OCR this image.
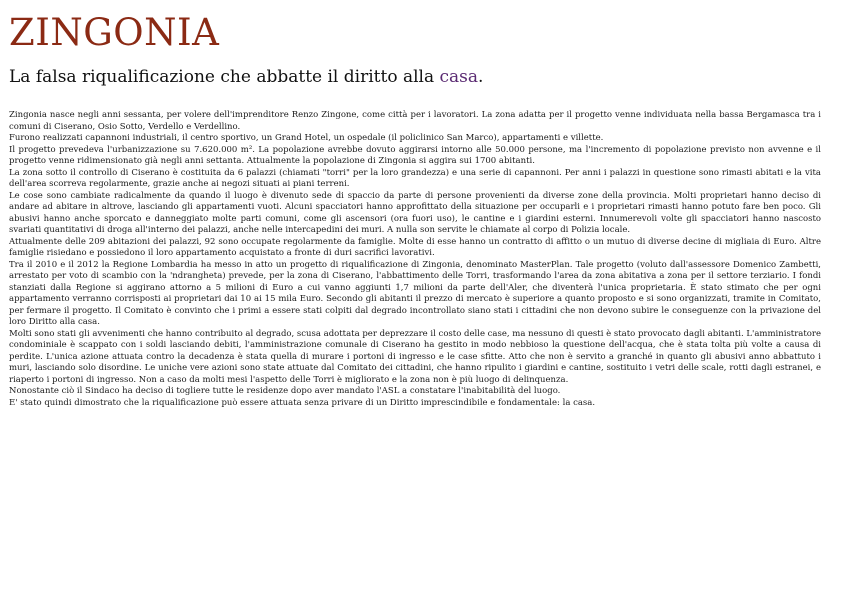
ZINGONIA
La falsa riqualificazione che abbatte il diritto alla casa.

Zingonia nasce negli anni sessanta, per volere dell'imprenditore Renzo Zingone, come città per i lavoratori. La zona adatta per il progetto venne individuata nella bassa Bergamasca tra i comuni di Ciserano, Osio Sotto, Verdello e Verdellino.

Furono realizzati capannoni industriali, il centro sportivo, un Grand Hotel, un ospedale (il policlinico San Marco), appartamenti e villette.

Il progetto prevedeva l'urbanizzazione su 7.620.000 m². La popolazione avrebbe dovuto aggirarsi intorno alle 50.000 persone, ma l'incremento di popolazione previsto non avvenne e il progetto venne ridimensionato già negli anni settanta. Attualmente la popolazione di Zingonia si aggira sui 1700 abitanti.

La zona sotto il controllo di Ciserano è costituita da 6 palazzi (chiamati "torri" per la loro grandezza) e una serie di capannoni. Per anni i palazzi in questione sono rimasti abitati e la vita dell'area scorreva regolarmente, grazie anche ai negozi situati ai piani terreni.

Le cose sono cambiate radicalmente da quando il luogo è divenuto sede di spaccio da parte di persone provenienti da diverse zone della provincia. Molti proprietari hanno deciso di andare ad abitare in altrove, lasciando gli appartamenti vuoti. Alcuni spacciatori hanno approfittato della situazione per occuparli e i proprietari rimasti hanno potuto fare ben poco. Gli abusivi hanno anche sporcato e danneggiato molte parti comuni, come gli ascensori (ora fuori uso), le cantine e i giardini esterni. Innumerevoli volte gli spacciatori hanno nascosto svariati quantitativi di droga all'interno dei palazzi, anche nelle intercapedini dei muri. A nulla son servite le chiamate al corpo di Polizia locale.

Attualmente delle 209 abitazioni dei palazzi, 92 sono occupate regolarmente da famiglie. Molte di esse hanno un contratto di affitto o un mutuo di diverse decine di migliaia di Euro. Altre famiglie risiedano e possiedono il loro appartamento acquistato a fronte di duri sacrifici lavorativi.

Tra il 2010 e il 2012 la Regione Lombardia ha messo in atto un progetto di riqualificazione di Zingonia, denominato MasterPlan. Tale progetto (voluto dall'assessore Domenico Zambetti, arrestato per voto di scambio con la 'ndrangheta) prevede, per la zona di Ciserano, l'abbattimento delle Torri, trasformando l'area da zona abitativa a zona per il settore terziario. I fondi stanziati dalla Regione si aggirano attorno a 5 milioni di Euro a cui vanno aggiunti 1,7 milioni da parte dell'Aler, che diventerà l'unica proprietaria. È stato stimato che per ogni appartamento verranno corrisposti ai proprietari dai 10 ai 15 mila Euro. Secondo gli abitanti il prezzo di mercato è superiore a quanto proposto e si sono organizzati, tramite in Comitato, per fermare il progetto. Il Comitato è convinto che i primi a essere stati colpiti dal degrado incontrollato siano stati i cittadini che non devono subire le conseguenze con la privazione del loro Diritto alla casa.

Molti sono stati gli avvenimenti che hanno contribuito al degrado, scusa adottata per deprezzare il costo delle case, ma nessuno di questi è stato provocato dagli abitanti. L'amministratore condominiale è scappato con i soldi lasciando debiti, l'amministrazione comunale di Ciserano ha gestito in modo nebbioso la questione dell'acqua, che è stata tolta più volte a causa di perdite. L'unica azione attuata contro la decadenza è stata quella di murare i portoni di ingresso e le case sfitte. Atto che non è servito a granché in quanto gli abusivi anno abbattuto i muri, lasciando solo disordine. Le uniche vere azioni sono state attuate dal Comitato dei cittadini, che hanno ripulito i giardini e cantine, sostituito i vetri delle scale, rotti dagli estranei, e riaperto i portoni di ingresso. Non a caso da molti mesi l'aspetto delle Torri è migliorato e la zona non è più luogo di delinquenza.

Nonostante ciò il Sindaco ha deciso di togliere tutte le residenze dopo aver mandato l'ASL a constatare l'inabitabilità del luogo.

E' stato quindi dimostrato che la riqualificazione può essere attuata senza privare di un Diritto imprescindibile e fondamentale: la casa.
